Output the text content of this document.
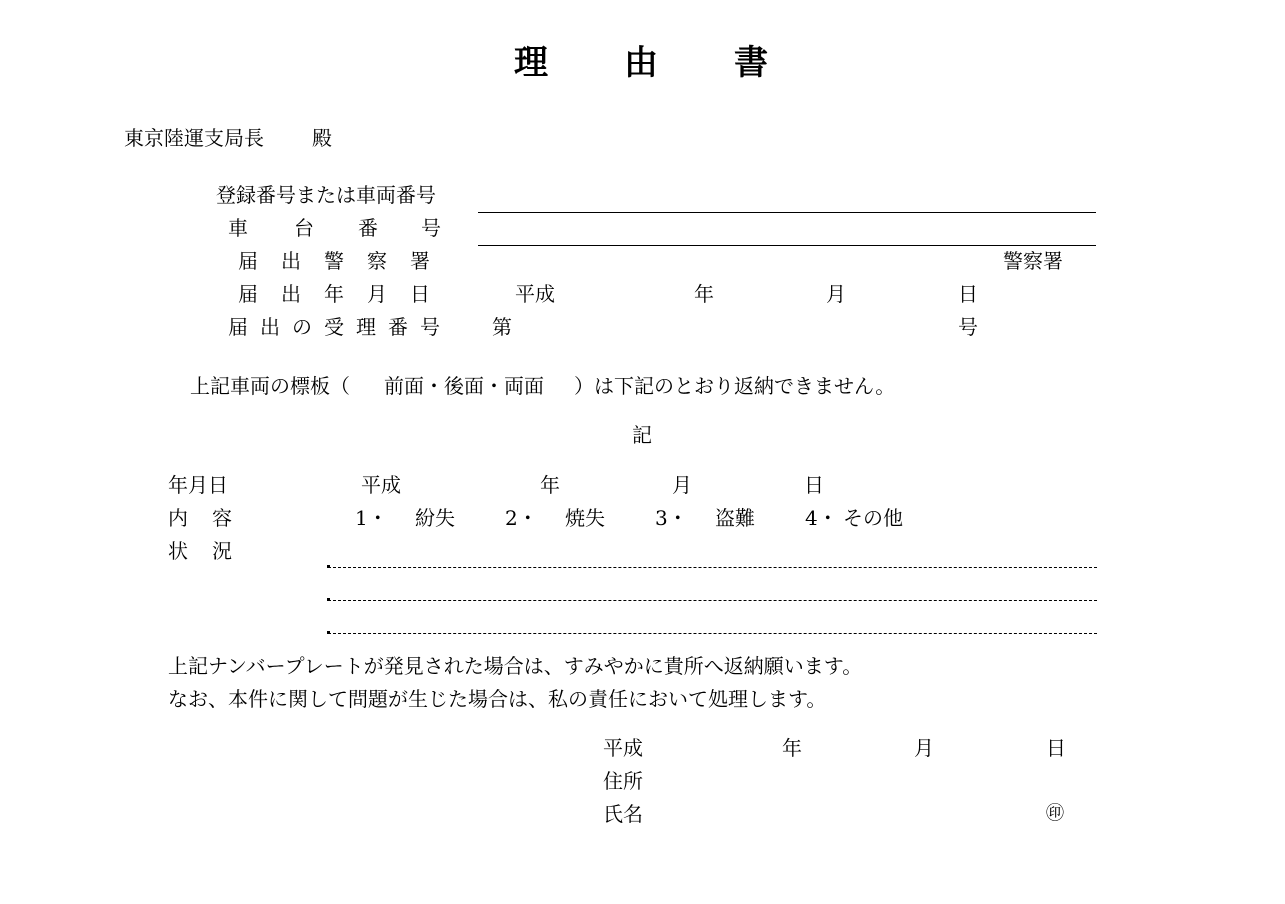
理 由 書
東京陸運支局長 殿
登録番号または車両番号
車 台 番 号
届 出 警 察 署	警察署
届 出 年 月 日	平成	年	月	日
届 出 の 受 理 番 号	第	号
上記車両の標板（ 前面・後面・両面 ）は下記のとおり返納できません。
記
年月日	平成	年	月	日
内 容	1・ 紛失	2・ 焼失	3・ 盗難	4・ その他
状 況
上記ナンバープレートが発見された場合は、すみやかに貴所へ返納願います。
なお、本件に関して問題が生じた場合は、私の責任において処理します。
平成	年	月	日
住所
氏名	㊞
